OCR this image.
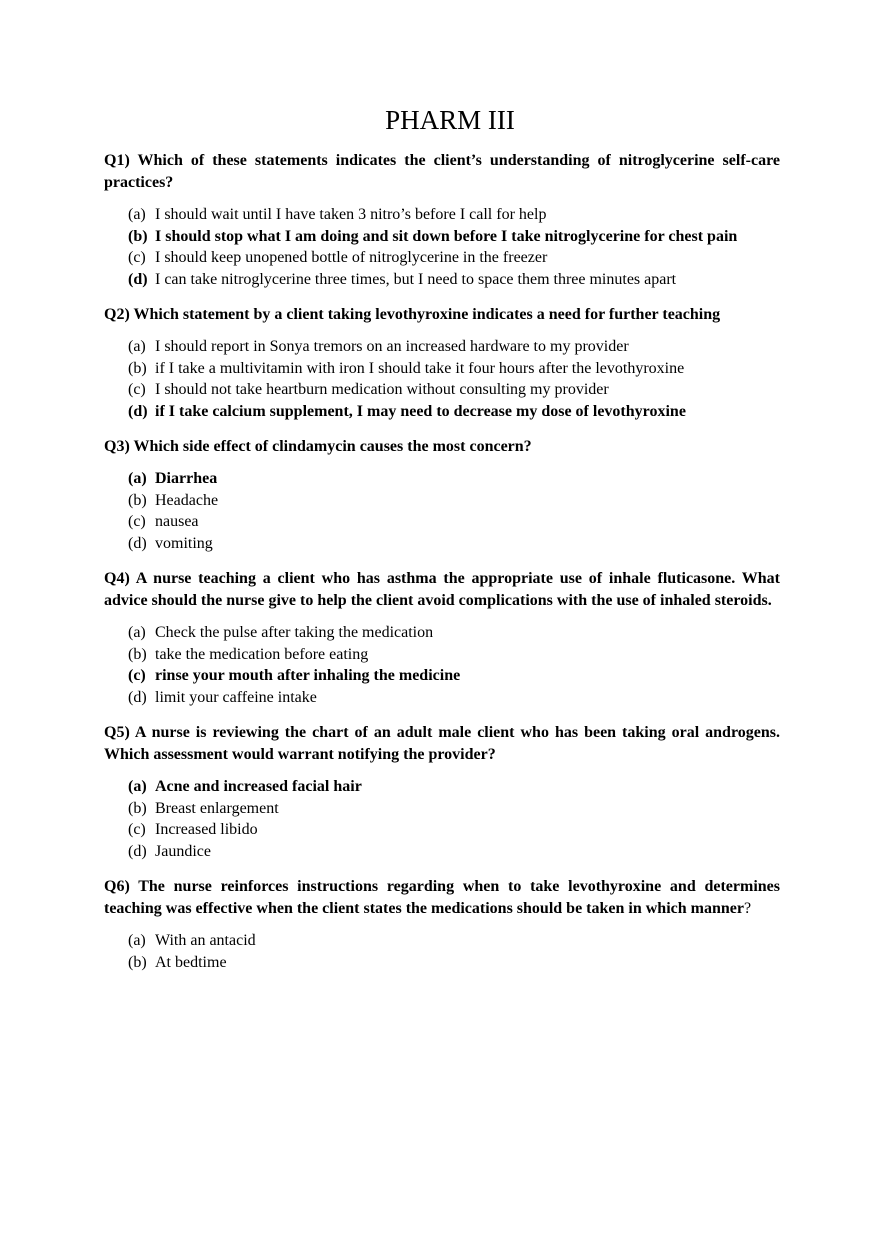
PHARM III

Q1) Which of these statements indicates the client’s understanding of nitroglycerine self-care practices?

(a) I should wait until I have taken 3 nitro’s before I call for help
(b) I should stop what I am doing and sit down before I take nitroglycerine for chest pain
(c) I should keep unopened bottle of nitroglycerine in the freezer
(d) I can take nitroglycerine three times, but I need to space them three minutes apart

Q2) Which statement by a client taking levothyroxine indicates a need for further teaching

(a) I should report in Sonya tremors on an increased hardware to my provider
(b) if I take a multivitamin with iron I should take it four hours after the levothyroxine
(c) I should not take heartburn medication without consulting my provider
(d) if I take calcium supplement, I may need to decrease my dose of levothyroxine

Q3) Which side effect of clindamycin causes the most concern?

(a) Diarrhea
(b) Headache
(c) nausea
(d) vomiting

Q4) A nurse teaching a client who has asthma the appropriate use of inhale fluticasone. What advice should the nurse give to help the client avoid complications with the use of inhaled steroids.

(a) Check the pulse after taking the medication
(b) take the medication before eating
(c) rinse your mouth after inhaling the medicine
(d) limit your caffeine intake

Q5) A nurse is reviewing the chart of an adult male client who has been taking oral androgens. Which assessment would warrant notifying the provider?

(a) Acne and increased facial hair
(b) Breast enlargement
(c) Increased libido
(d) Jaundice

Q6) The nurse reinforces instructions regarding when to take levothyroxine and determines teaching was effective when the client states the medications should be taken in which manner?

(a) With an antacid
(b) At bedtime
